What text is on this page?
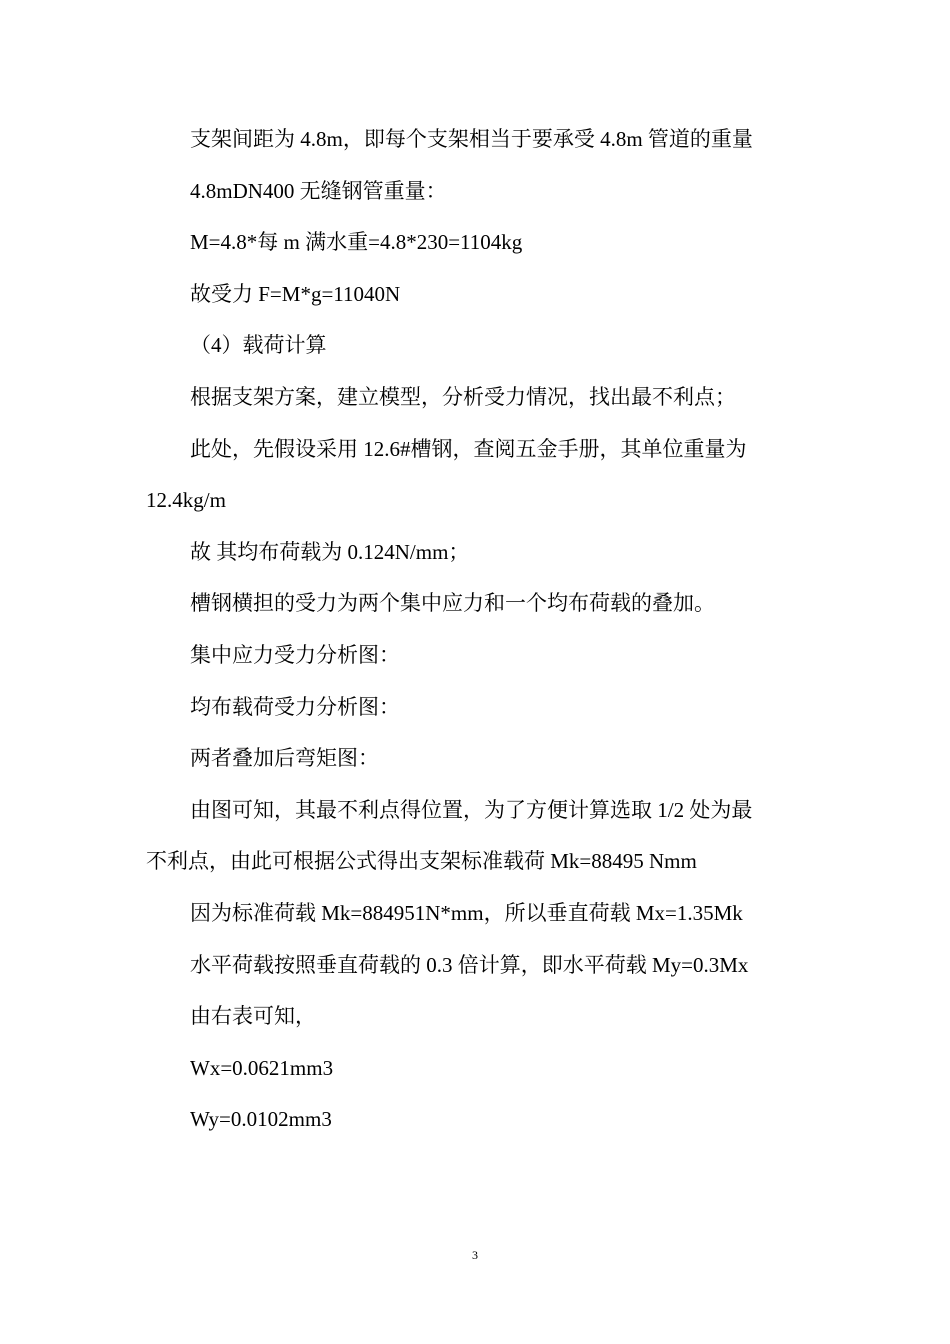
支架间距为 4.8m，即每个支架相当于要承受 4.8m 管道的重量
4.8mDN400 无缝钢管重量：
M=4.8*每 m 满水重=4.8*230=1104kg
故受力 F=M*g=11040N
（4）载荷计算
根据支架方案，建立模型，分析受力情况，找出最不利点；
此处，先假设采用 12.6#槽钢，查阅五金手册，其单位重量为
12.4kg/m
故 其均布荷载为 0.124N/mm；
槽钢横担的受力为两个集中应力和一个均布荷载的叠加。
集中应力受力分析图：
均布载荷受力分析图：
两者叠加后弯矩图：
由图可知，其最不利点得位置，为了方便计算选取 1/2 处为最
不利点，由此可根据公式得出支架标准载荷 Mk=88495 Nmm
因为标准荷载 Mk=884951N*mm，所以垂直荷载 Mx=1.35Mk
水平荷载按照垂直荷载的 0.3 倍计算，即水平荷载 My=0.3Mx
由右表可知，
Wx=0.0621mm3
Wy=0.0102mm3
3
